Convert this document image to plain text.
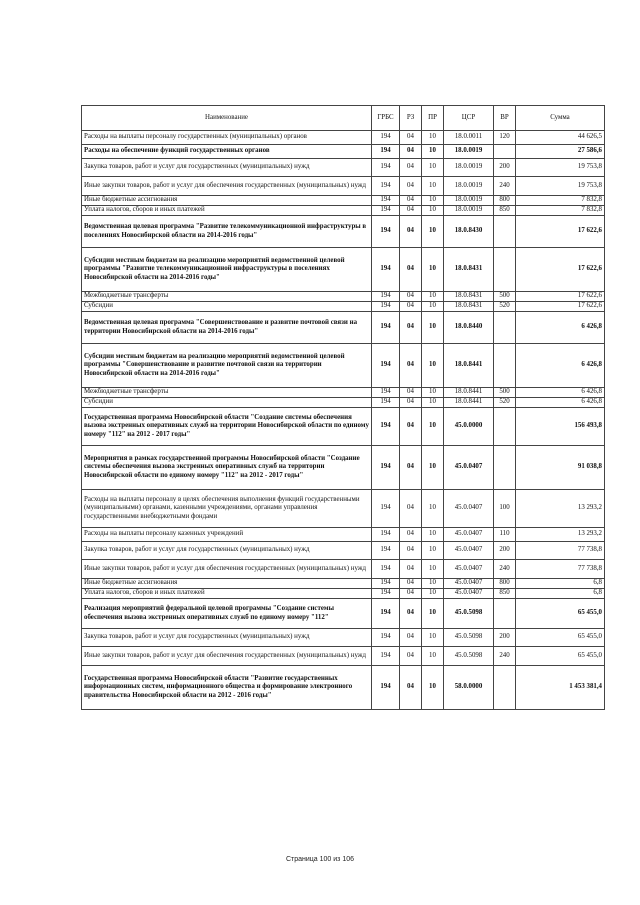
Наименование	ГРБС	РЗ	ПР	ЦСР	ВР	Сумма
Расходы на выплаты персоналу государственных (муниципальных) органов	194	04	10	18.0.0011	120	44 626,5
Расходы на обеспечение функций государственных органов	194	04	10	18.0.0019		27 586,6
Закупка товаров, работ и услуг для государственных (муниципальных) нужд	194	04	10	18.0.0019	200	19 753,8
Иные закупки товаров, работ и услуг для обеспечения государственных (муниципальных) нужд	194	04	10	18.0.0019	240	19 753,8
Иные бюджетные ассигнования	194	04	10	18.0.0019	800	7 832,8
Уплата налогов, сборов и иных платежей	194	04	10	18.0.0019	850	7 832,8
Ведомственная целевая программа "Развитие телекоммуникационной инфраструктуры в поселениях Новосибирской области на 2014-2016 годы"	194	04	10	18.0.8430		17 622,6
Субсидии местным бюджетам на реализацию мероприятий ведомственной целевой программы "Развитие телекоммуникационной инфраструктуры в поселениях Новосибирской области на 2014-2016 годы"	194	04	10	18.0.8431		17 622,6
Межбюджетные трансферты	194	04	10	18.0.8431	500	17 622,6
Субсидии	194	04	10	18.0.8431	520	17 622,6
Ведомственная целевая программа "Совершенствование и развитие почтовой связи на территории Новосибирской области на 2014-2016 годы"	194	04	10	18.0.8440		6 426,8
Субсидии местным бюджетам на реализацию мероприятий ведомственной целевой программы "Совершенствование и развитие почтовой связи на территории Новосибирской области на 2014-2016 годы"	194	04	10	18.0.8441		6 426,8
Межбюджетные трансферты	194	04	10	18.0.8441	500	6 426,8
Субсидии	194	04	10	18.0.8441	520	6 426,8
Государственная программа Новосибирской области "Создание системы обеспечения вызова экстренных оперативных служб на территории Новосибирской области по единому номеру "112" на 2012 - 2017 годы"	194	04	10	45.0.0000		156 493,8
Мероприятия в рамках государственной программы Новосибирской области "Создание системы обеспечения вызова экстренных оперативных служб на территории Новосибирской области по единому номеру "112" на 2012 - 2017 годы"	194	04	10	45.0.0407		91 038,8
Расходы на выплаты персоналу в целях обеспечения выполнения функций государственными (муниципальными) органами, казенными учреждениями, органами управления государственными внебюджетными фондами	194	04	10	45.0.0407	100	13 293,2
Расходы на выплаты персоналу казенных учреждений	194	04	10	45.0.0407	110	13 293,2
Закупка товаров, работ и услуг для государственных (муниципальных) нужд	194	04	10	45.0.0407	200	77 738,8
Иные закупки товаров, работ и услуг для обеспечения государственных (муниципальных) нужд	194	04	10	45.0.0407	240	77 738,8
Иные бюджетные ассигнования	194	04	10	45.0.0407	800	6,8
Уплата налогов, сборов и иных платежей	194	04	10	45.0.0407	850	6,8
Реализация мероприятий федеральной целевой программы "Создание системы обеспечения вызова экстренных оперативных служб по единому номеру "112"	194	04	10	45.0.5098		65 455,0
Закупка товаров, работ и услуг для государственных (муниципальных) нужд	194	04	10	45.0.5098	200	65 455,0
Иные закупки товаров, работ и услуг для обеспечения государственных (муниципальных) нужд	194	04	10	45.0.5098	240	65 455,0
Государственная программа Новосибирской области "Развитие государственных информационных систем, информационного общества и формирование электронного правительства Новосибирской области на 2012 - 2016 годы"	194	04	10	58.0.0000		1 453 381,4
Страница 100 из 106
